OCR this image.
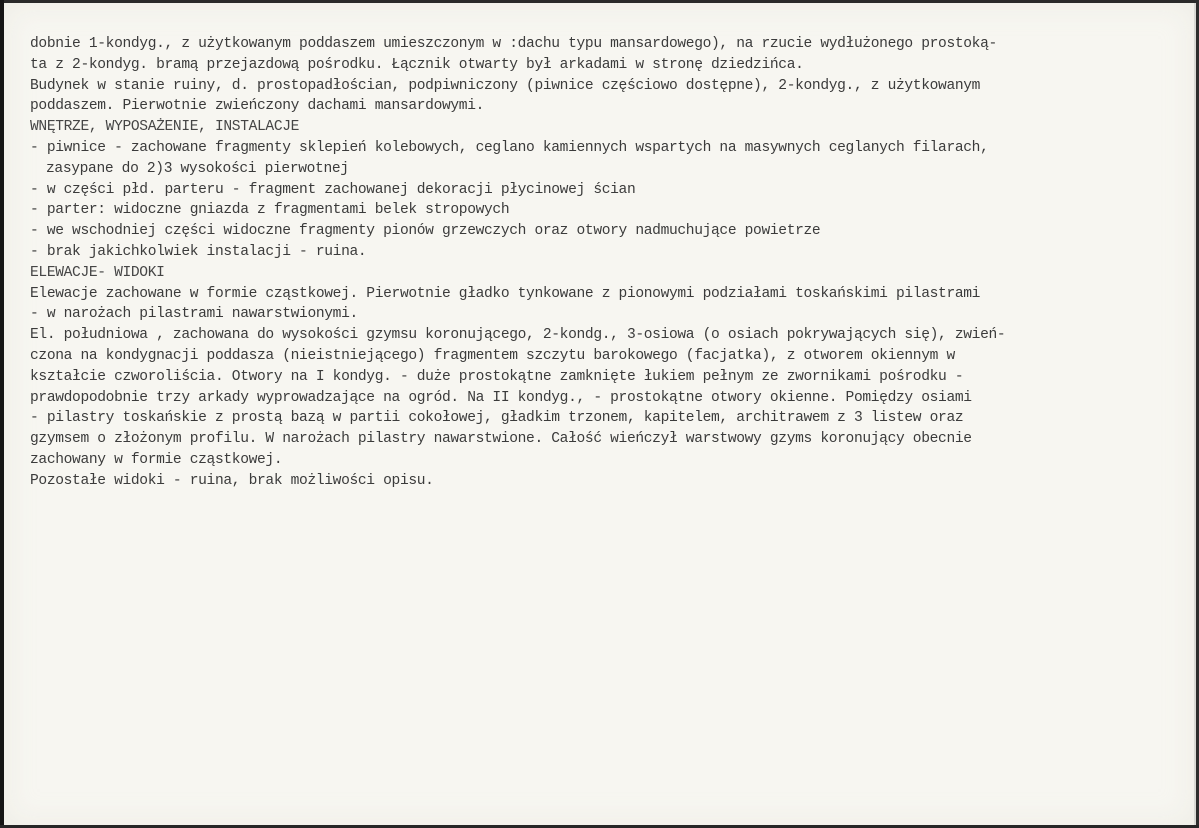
dobnie 1-kondyg., z użytkowanym poddaszem umieszczonym w :dachu typu mansardowego), na rzucie wydłużonego prostoką-
ta z 2-kondyg. bramą przejazdową pośrodku. Łącznik otwarty był arkadami w stronę dziedzińca.
Budynek w stanie ruiny, d. prostopadłościan, podpiwniczony (piwnice częściowo dostępne), 2-kondyg., z użytkowanym
poddaszem. Pierwotnie zwieńczony dachami mansardowymi.
WNĘTRZE, WYPOSAŻENIE, INSTALACJE
- piwnice - zachowane fragmenty sklepień kolebowych, ceglano kamiennych wspartych na masywnych ceglanych filarach,
zasypane do 2)3 wysokości pierwotnej
- w części płd. parteru - fragment zachowanej dekoracji płycinowej ścian
- parter: widoczne gniazda z fragmentami belek stropowych
- we wschodniej części widoczne fragmenty pionów grzewczych oraz otwory nadmuchujące powietrze
- brak jakichkolwiek instalacji - ruina.
ELEWACJE- WIDOKI
Elewacje zachowane w formie cząstkowej. Pierwotnie gładko tynkowane z pionowymi podziałami toskańskimi pilastrami
- w narożach pilastrami nawarstwionymi.
El. południowa , zachowana do wysokości gzymsu koronującego, 2-kondg., 3-osiowa (o osiach pokrywających się), zwień-
czona na kondygnacji poddasza (nieistniejącego) fragmentem szczytu barokowego (facjatka), z otworem okiennym w
kształcie czworoliścia. Otwory na I kondyg. - duże prostokątne zamknięte łukiem pełnym ze zwornikami pośrodku -
prawdopodobnie trzy arkady wyprowadzające na ogród. Na II kondyg., - prostokątne otwory okienne. Pomiędzy osiami
- pilastry toskańskie z prostą bazą w partii cokołowej, gładkim trzonem, kapitelem, architrawem z 3 listew oraz
gzymsem o złożonym profilu. W narożach pilastry nawarstwione. Całość wieńczył warstwowy gzyms koronujący obecnie
zachowany w formie cząstkowej.
Pozostałe widoki - ruina, brak możliwości opisu.
